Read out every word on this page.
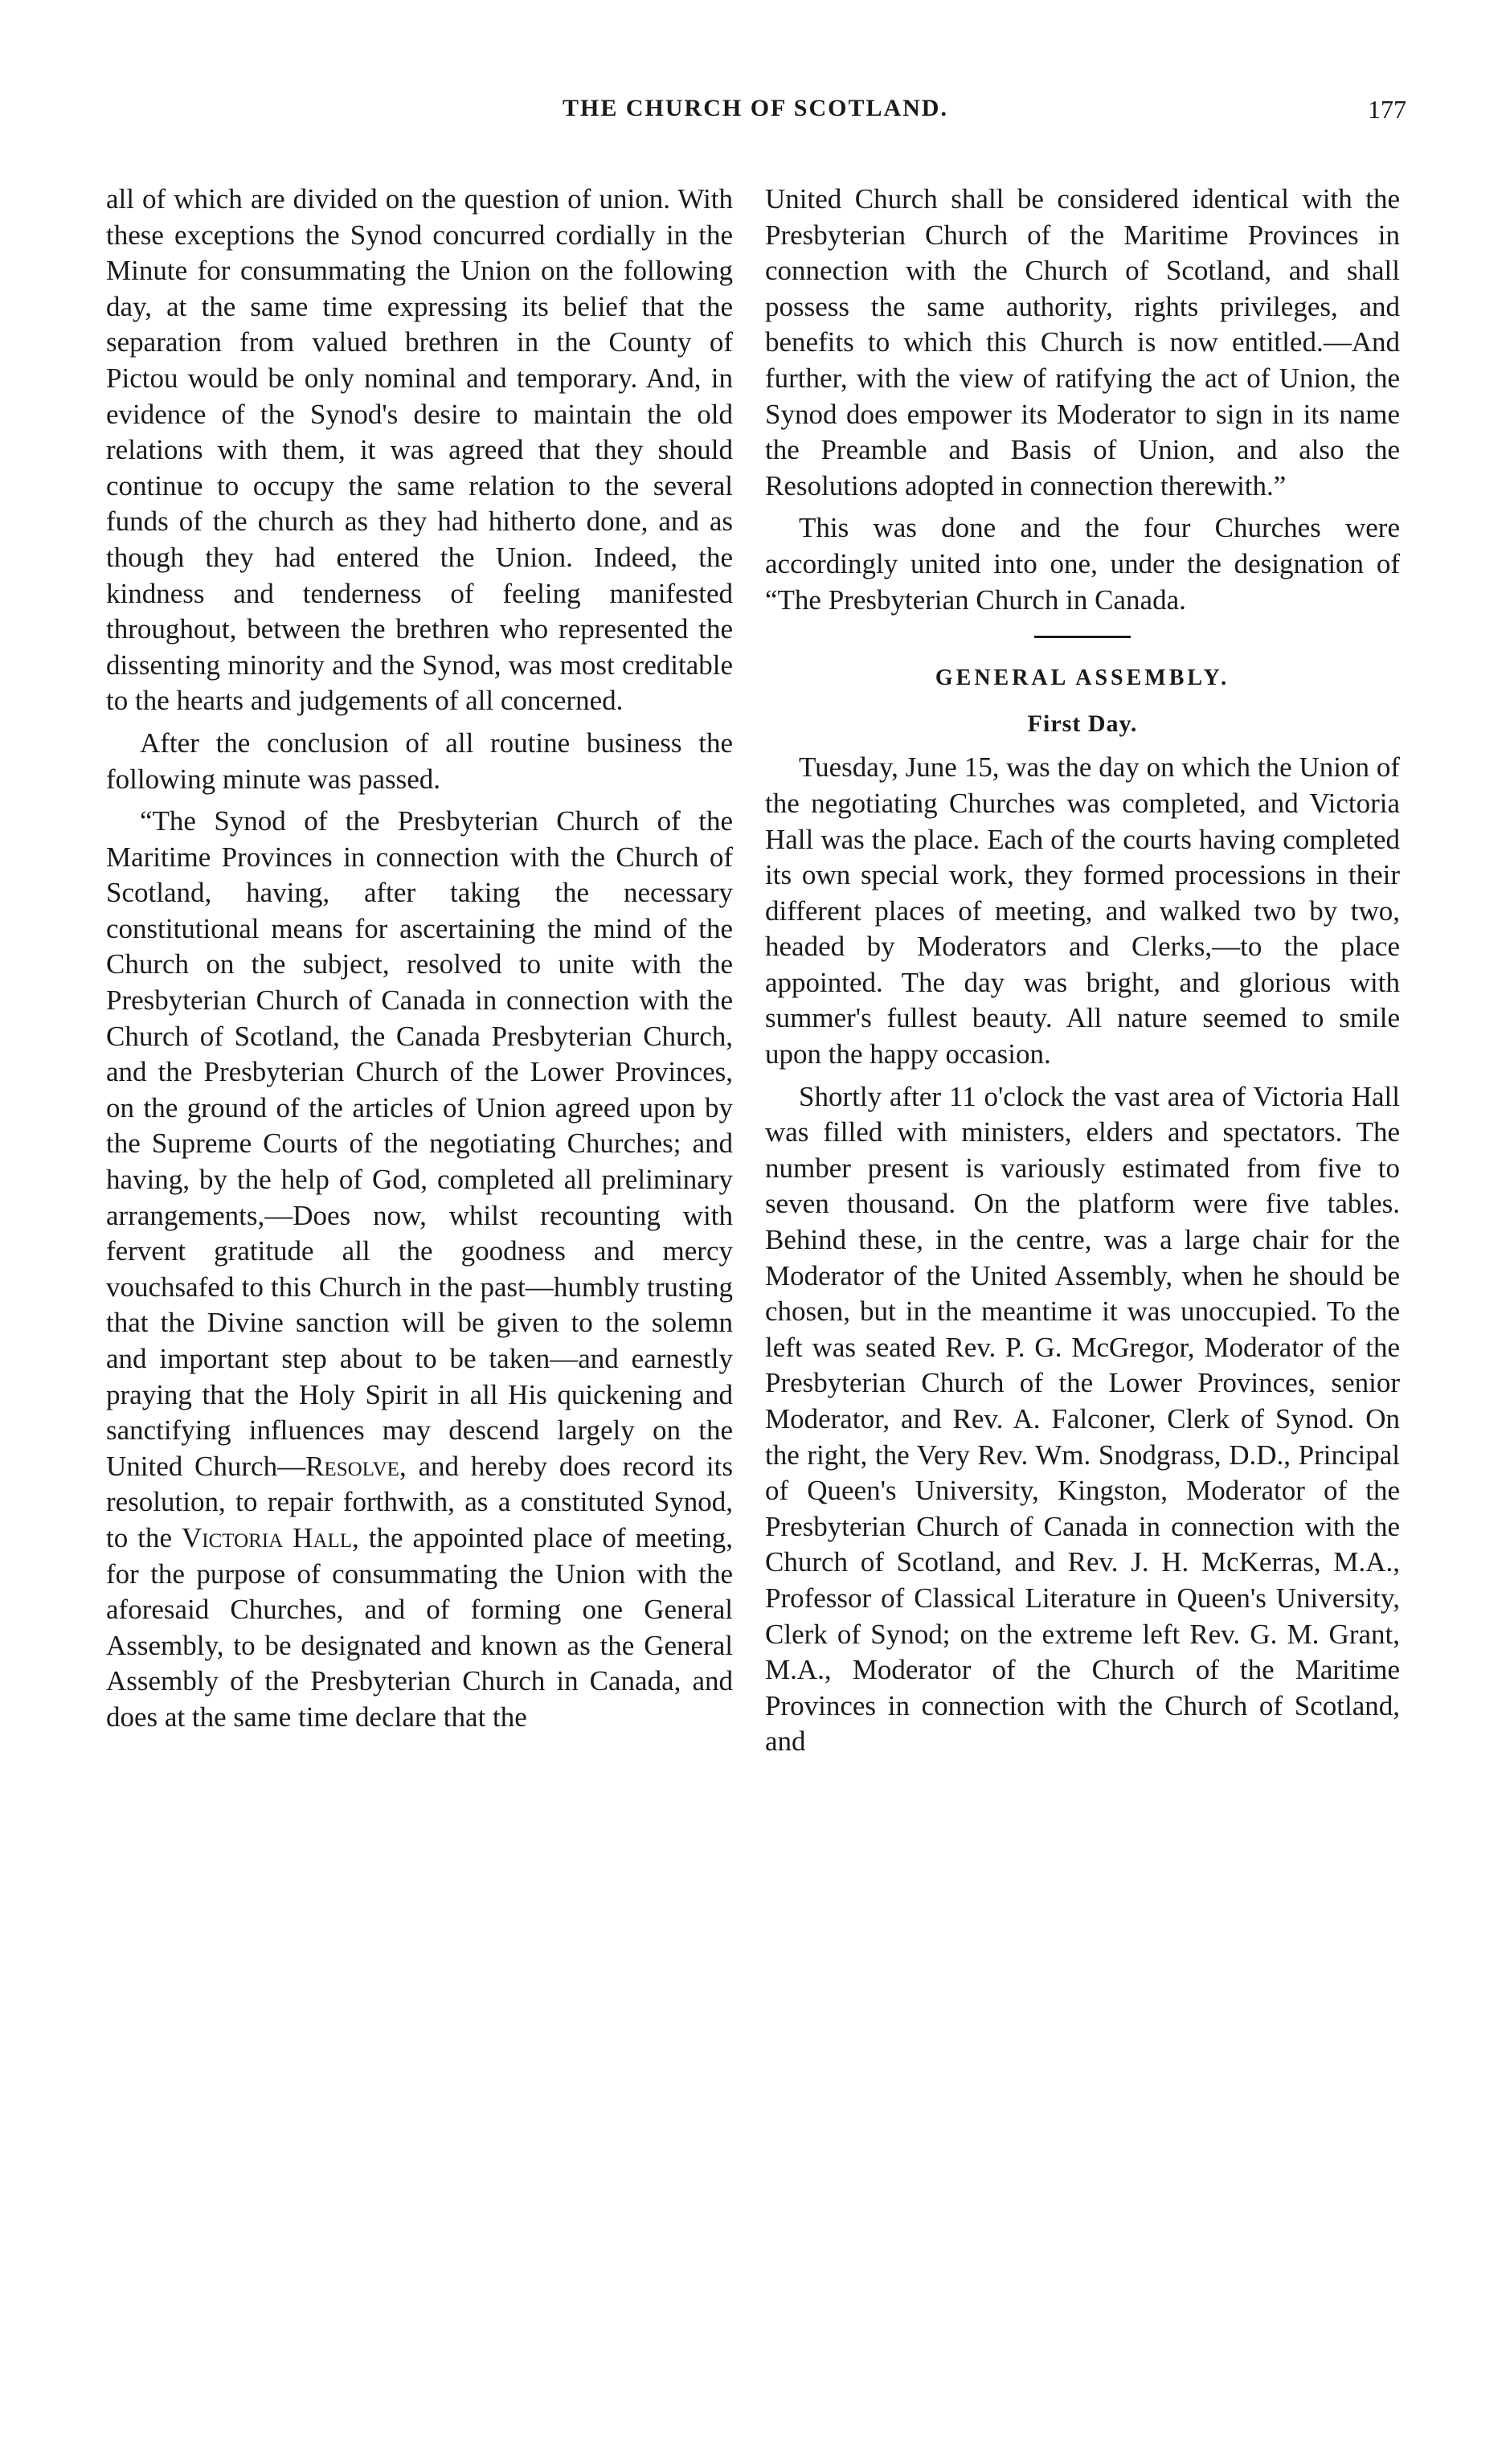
THE CHURCH OF SCOTLAND.	177

all of which are divided on the question of union. With these exceptions the Synod concurred cordially in the Minute for consummating the Union on the following day, at the same time expressing its belief that the separation from valued brethren in the County of Pictou would be only nominal and temporary. And, in evidence of the Synod's desire to maintain the old relations with them, it was agreed that they should continue to occupy the same relation to the several funds of the church as they had hitherto done, and as though they had entered the Union. Indeed, the kindness and tenderness of feeling manifested throughout, between the brethren who represented the dissenting minority and the Synod, was most creditable to the hearts and judgements of all concerned.

After the conclusion of all routine business the following minute was passed.

“The Synod of the Presbyterian Church of the Maritime Provinces in connection with the Church of Scotland, having, after taking the necessary constitutional means for ascertaining the mind of the Church on the subject, resolved to unite with the Presbyterian Church of Canada in connection with the Church of Scotland, the Canada Presbyterian Church, and the Presbyterian Church of the Lower Provinces, on the ground of the articles of Union agreed upon by the Supreme Courts of the negotiating Churches; and having, by the help of God, completed all preliminary arrangements,—Does now, whilst recounting with fervent gratitude all the goodness and mercy vouchsafed to this Church in the past—humbly trusting that the Divine sanction will be given to the solemn and important step about to be taken—and earnestly praying that the Holy Spirit in all His quickening and sanctifying influences may descend largely on the United Church—Resolve, and hereby does record its resolution, to repair forthwith, as a constituted Synod, to the Victoria Hall, the appointed place of meeting, for the purpose of consummating the Union with the aforesaid Churches, and of forming one General Assembly, to be designated and known as the General Assembly of the Presbyterian Church in Canada, and does at the same time declare that the

United Church shall be considered identical with the Presbyterian Church of the Maritime Provinces in connection with the Church of Scotland, and shall possess the same authority, rights privileges, and benefits to which this Church is now entitled.—And further, with the view of ratifying the act of Union, the Synod does empower its Moderator to sign in its name the Preamble and Basis of Union, and also the Resolutions adopted in connection therewith.”

This was done and the four Churches were accordingly united into one, under the designation of “The Presbyterian Church in Canada.

GENERAL ASSEMBLY.
First Day.

Tuesday, June 15, was the day on which the Union of the negotiating Churches was completed, and Victoria Hall was the place. Each of the courts having completed its own special work, they formed processions in their different places of meeting, and walked two by two, headed by Moderators and Clerks,—to the place appointed. The day was bright, and glorious with summer's fullest beauty. All nature seemed to smile upon the happy occasion.

Shortly after 11 o'clock the vast area of Victoria Hall was filled with ministers, elders and spectators. The number present is variously estimated from five to seven thousand. On the platform were five tables. Behind these, in the centre, was a large chair for the Moderator of the United Assembly, when he should be chosen, but in the meantime it was unoccupied. To the left was seated Rev. P. G. McGregor, Moderator of the Presbyterian Church of the Lower Provinces, senior Moderator, and Rev. A. Falconer, Clerk of Synod. On the right, the Very Rev. Wm. Snodgrass, D.D., Principal of Queen's University, Kingston, Moderator of the Presbyterian Church of Canada in connection with the Church of Scotland, and Rev. J. H. McKerras, M.A., Professor of Classical Literature in Queen's University, Clerk of Synod; on the extreme left Rev. G. M. Grant, M.A., Moderator of the Church of the Maritime Provinces in connection with the Church of Scotland, and
